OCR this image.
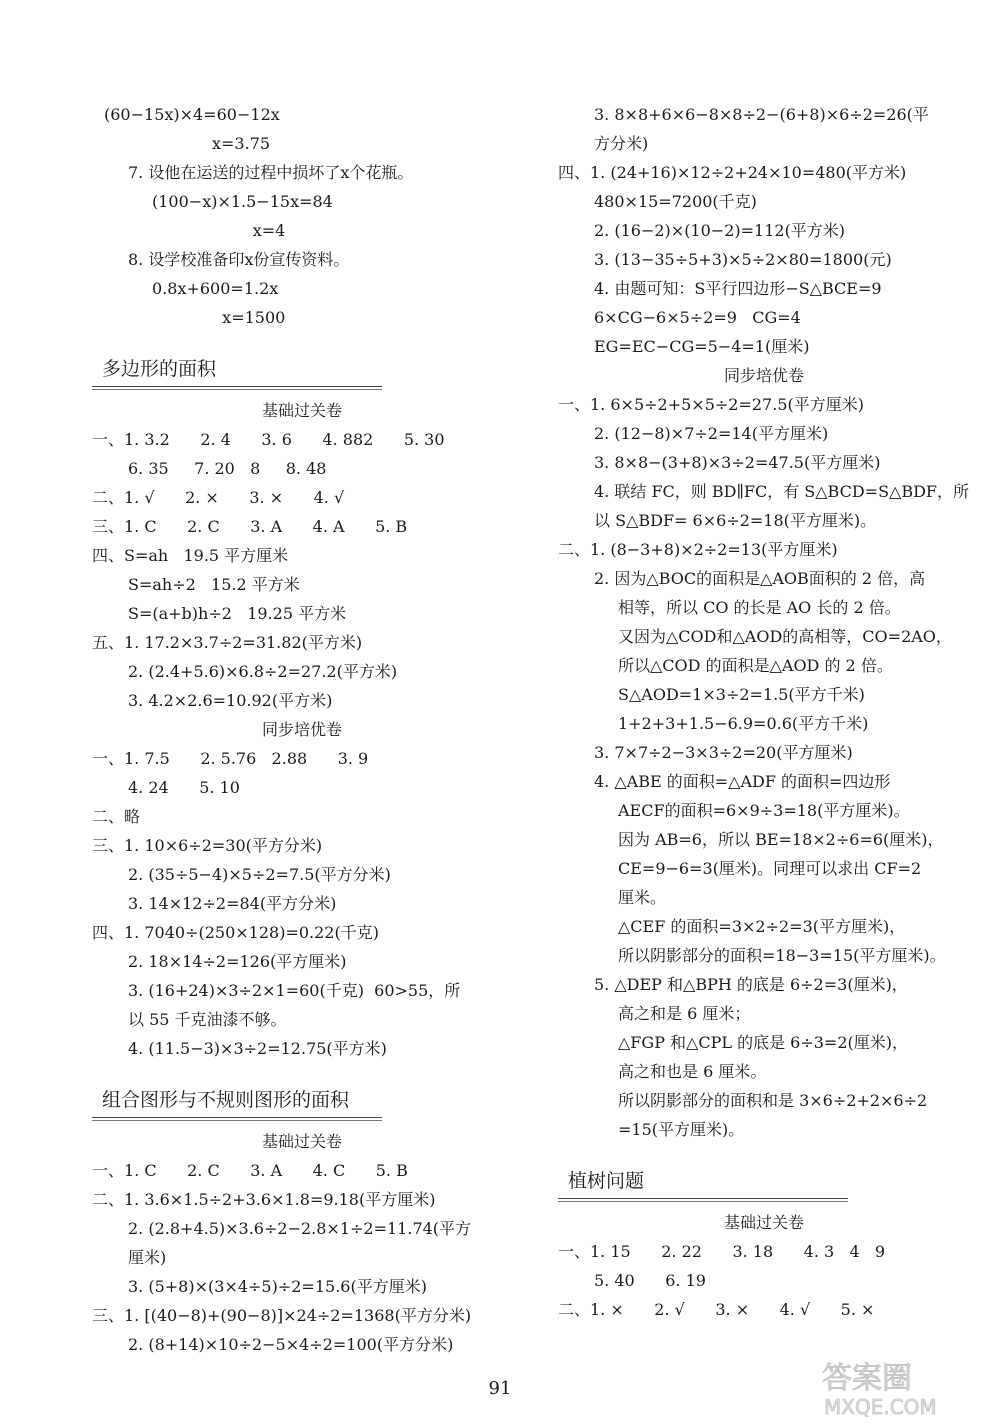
(60−15x)×4=60−12x
x=3.75
7. 设他在运送的过程中损坏了x个花瓶。
(100−x)×1.5−15x=84
x=4
8. 设学校准备印x份宣传资料。
0.8x+600=1.2x
x=1500
多边形的面积
基础过关卷
一、1. 3.2      2. 4      3. 6      4. 882      5. 30
6. 35     7. 20   8     8. 48
二、1. √      2. ×      3. ×      4. √
三、1. C      2. C      3. A      4. A      5. B
四、S=ah   19.5 平方厘米
S=ah÷2   15.2 平方米
S=(a+b)h÷2   19.25 平方米
五、1. 17.2×3.7÷2=31.82(平方米)
2. (2.4+5.6)×6.8÷2=27.2(平方米)
3. 4.2×2.6=10.92(平方米)
同步培优卷
一、1. 7.5      2. 5.76   2.88      3. 9
4. 24      5. 10
二、略
三、1. 10×6÷2=30(平方分米)
2. (35÷5−4)×5÷2=7.5(平方分米)
3. 14×12÷2=84(平方分米)
四、1. 7040÷(250×128)=0.22(千克)
2. 18×14÷2=126(平方厘米)
3. (16+24)×3÷2×1=60(千克)  60>55，所
以 55 千克油漆不够。
4. (11.5−3)×3÷2=12.75(平方米)
组合图形与不规则图形的面积
基础过关卷
一、1. C      2. C      3. A      4. C      5. B
二、1. 3.6×1.5÷2+3.6×1.8=9.18(平方厘米)
2. (2.8+4.5)×3.6÷2−2.8×1÷2=11.74(平方
厘米)
3. (5+8)×(3×4÷5)÷2=15.6(平方厘米)
三、1. [(40−8)+(90−8)]×24÷2=1368(平方分米)
2. (8+14)×10÷2−5×4÷2=100(平方分米)
3. 8×8+6×6−8×8÷2−(6+8)×6÷2=26(平
方分米)
四、1. (24+16)×12÷2+24×10=480(平方米)
480×15=7200(千克)
2. (16−2)×(10−2)=112(平方米)
3. (13−35÷5+3)×5÷2×80=1800(元)
4. 由题可知：S平行四边形−S△BCE=9
6×CG−6×5÷2=9   CG=4
EG=EC−CG=5−4=1(厘米)
同步培优卷
一、1. 6×5÷2+5×5÷2=27.5(平方厘米)
2. (12−8)×7÷2=14(平方厘米)
3. 8×8−(3+8)×3÷2=47.5(平方厘米)
4. 联结 FC，则 BD∥FC，有 S△BCD=S△BDF，所
以 S△BDF= 6×6÷2=18(平方厘米)。
二、1. (8−3+8)×2÷2=13(平方厘米)
2. 因为△BOC的面积是△AOB面积的 2 倍，高
相等，所以 CO 的长是 AO 长的 2 倍。
又因为△COD和△AOD的高相等，CO=2AO，
所以△COD 的面积是△AOD 的 2 倍。
S△AOD=1×3÷2=1.5(平方千米)
1+2+3+1.5−6.9=0.6(平方千米)
3. 7×7÷2−3×3÷2=20(平方厘米)
4. △ABE 的面积=△ADF 的面积=四边形
AECF的面积=6×9÷3=18(平方厘米)。
因为 AB=6，所以 BE=18×2÷6=6(厘米)，
CE=9−6=3(厘米)。同理可以求出 CF=2
厘米。
△CEF 的面积=3×2÷2=3(平方厘米)，
所以阴影部分的面积=18−3=15(平方厘米)。
5. △DEP 和△BPH 的底是 6÷2=3(厘米)，
高之和是 6 厘米；
△FGP 和△CPL 的底是 6÷3=2(厘米)，
高之和也是 6 厘米。
所以阴影部分的面积和是 3×6÷2+2×6÷2
=15(平方厘米)。
植树问题
基础过关卷
一、1. 15      2. 22      3. 18      4. 3   4   9
5. 40      6. 19
二、1. ×      2. √      3. ×      4. √      5. ×
91	答案圈
MXQE.COM
